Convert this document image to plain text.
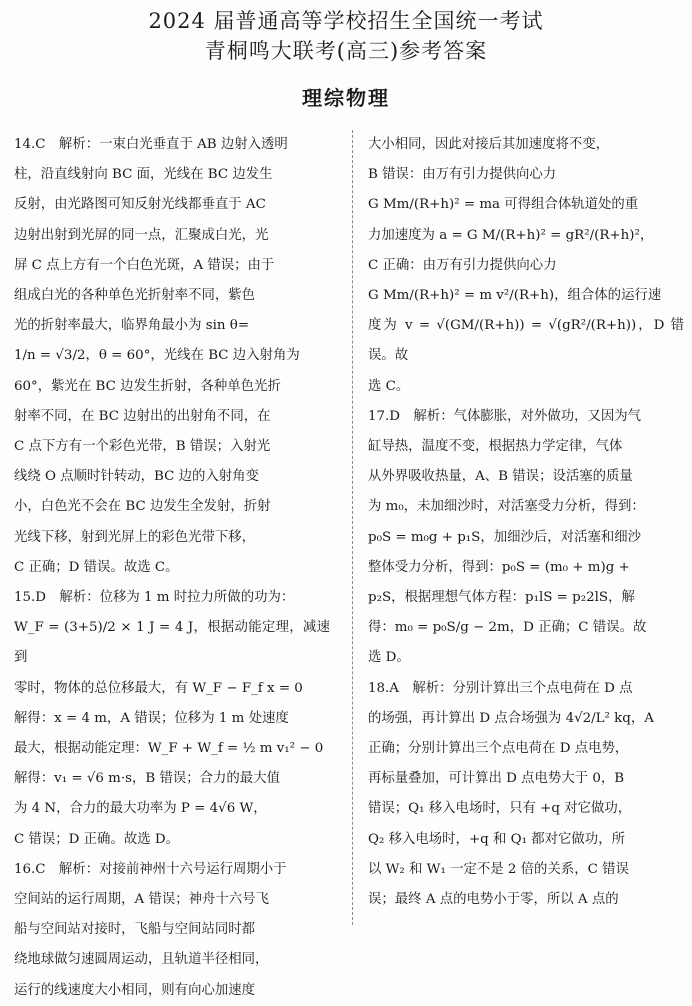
2024 届普通高等学校招生全国统一考试
青桐鸣大联考(高三)参考答案
理综物理

14.C　解析：一束白光垂直于 AB 边射入透明

柱，沿直线射向 BC 面，光线在 BC 边发生

反射，由光路图可知反射光线都垂直于 AC

边射出射到光屏的同一点，汇聚成白光，光

屏 C 点上方有一个白色光斑，A 错误；由于

组成白光的各种单色光折射率不同，紫色

光的折射率最大，临界角最小为 sin θ=

1/n = √3/2，θ = 60°，光线在 BC 边入射角为

60°，紫光在 BC 边发生折射，各种单色光折

射率不同，在 BC 边射出的出射角不同，在

C 点下方有一个彩色光带，B 错误；入射光

线绕 O 点顺时针转动，BC 边的入射角变

小，白色光不会在 BC 边发生全发射，折射

光线下移，射到光屏上的彩色光带下移，

C 正确；D 错误。故选 C。

15.D　解析：位移为 1 m 时拉力所做的功为：

W_F = (3+5)/2 × 1 J = 4 J，根据动能定理，减速到

零时，物体的总位移最大，有 W_F − F_f x = 0

解得：x = 4 m，A 错误；位移为 1 m 处速度

最大，根据动能定理：W_F + W_f = ½ m v₁² − 0

解得：v₁ = √6 m·s，B 错误；合力的最大值

为 4 N，合力的最大功率为 P = 4√6 W，

C 错误；D 正确。故选 D。

16.C　解析：对接前神州十六号运行周期小于

空间站的运行周期，A 错误；神舟十六号飞

船与空间站对接时，飞船与空间站同时都

绕地球做匀速圆周运动，且轨道半径相同，

运行的线速度大小相同，则有向心加速度

大小相同，因此对接后其加速度将不变，

B 错误：由万有引力提供向心力

G Mm/(R+h)² = ma 可得组合体轨道处的重

力加速度为 a = G M/(R+h)² = gR²/(R+h)²，

C 正确：由万有引力提供向心力

G Mm/(R+h)² = m v²/(R+h)，组合体的运行速

度为 v = √(GM/(R+h)) = √(gR²/(R+h))，D 错误。故

选 C。

17.D　解析：气体膨胀，对外做功，又因为气

缸导热，温度不变，根据热力学定律，气体

从外界吸收热量，A、B 错误；设活塞的质量

为 m₀，未加细沙时，对活塞受力分析，得到：

p₀S = m₀g + p₁S，加细沙后，对活塞和细沙

整体受力分析，得到：p₀S = (m₀ + m)g +

p₂S，根据理想气体方程：p₁lS = p₂2lS，解

得：m₀ = p₀S/g − 2m，D 正确；C 错误。故

选 D。

18.A　解析：分别计算出三个点电荷在 D 点

的场强，再计算出 D 点合场强为 4√2/L² kq，A

正确；分别计算出三个点电荷在 D 点电势，

再标量叠加，可计算出 D 点电势大于 0，B

错误；Q₁ 移入电场时，只有 +q 对它做功，

Q₂ 移入电场时，+q 和 Q₁ 都对它做功，所

以 W₂ 和 W₁ 一定不是 2 倍的关系，C 错误

误；最终 A 点的电势小于零，所以 A 点的
